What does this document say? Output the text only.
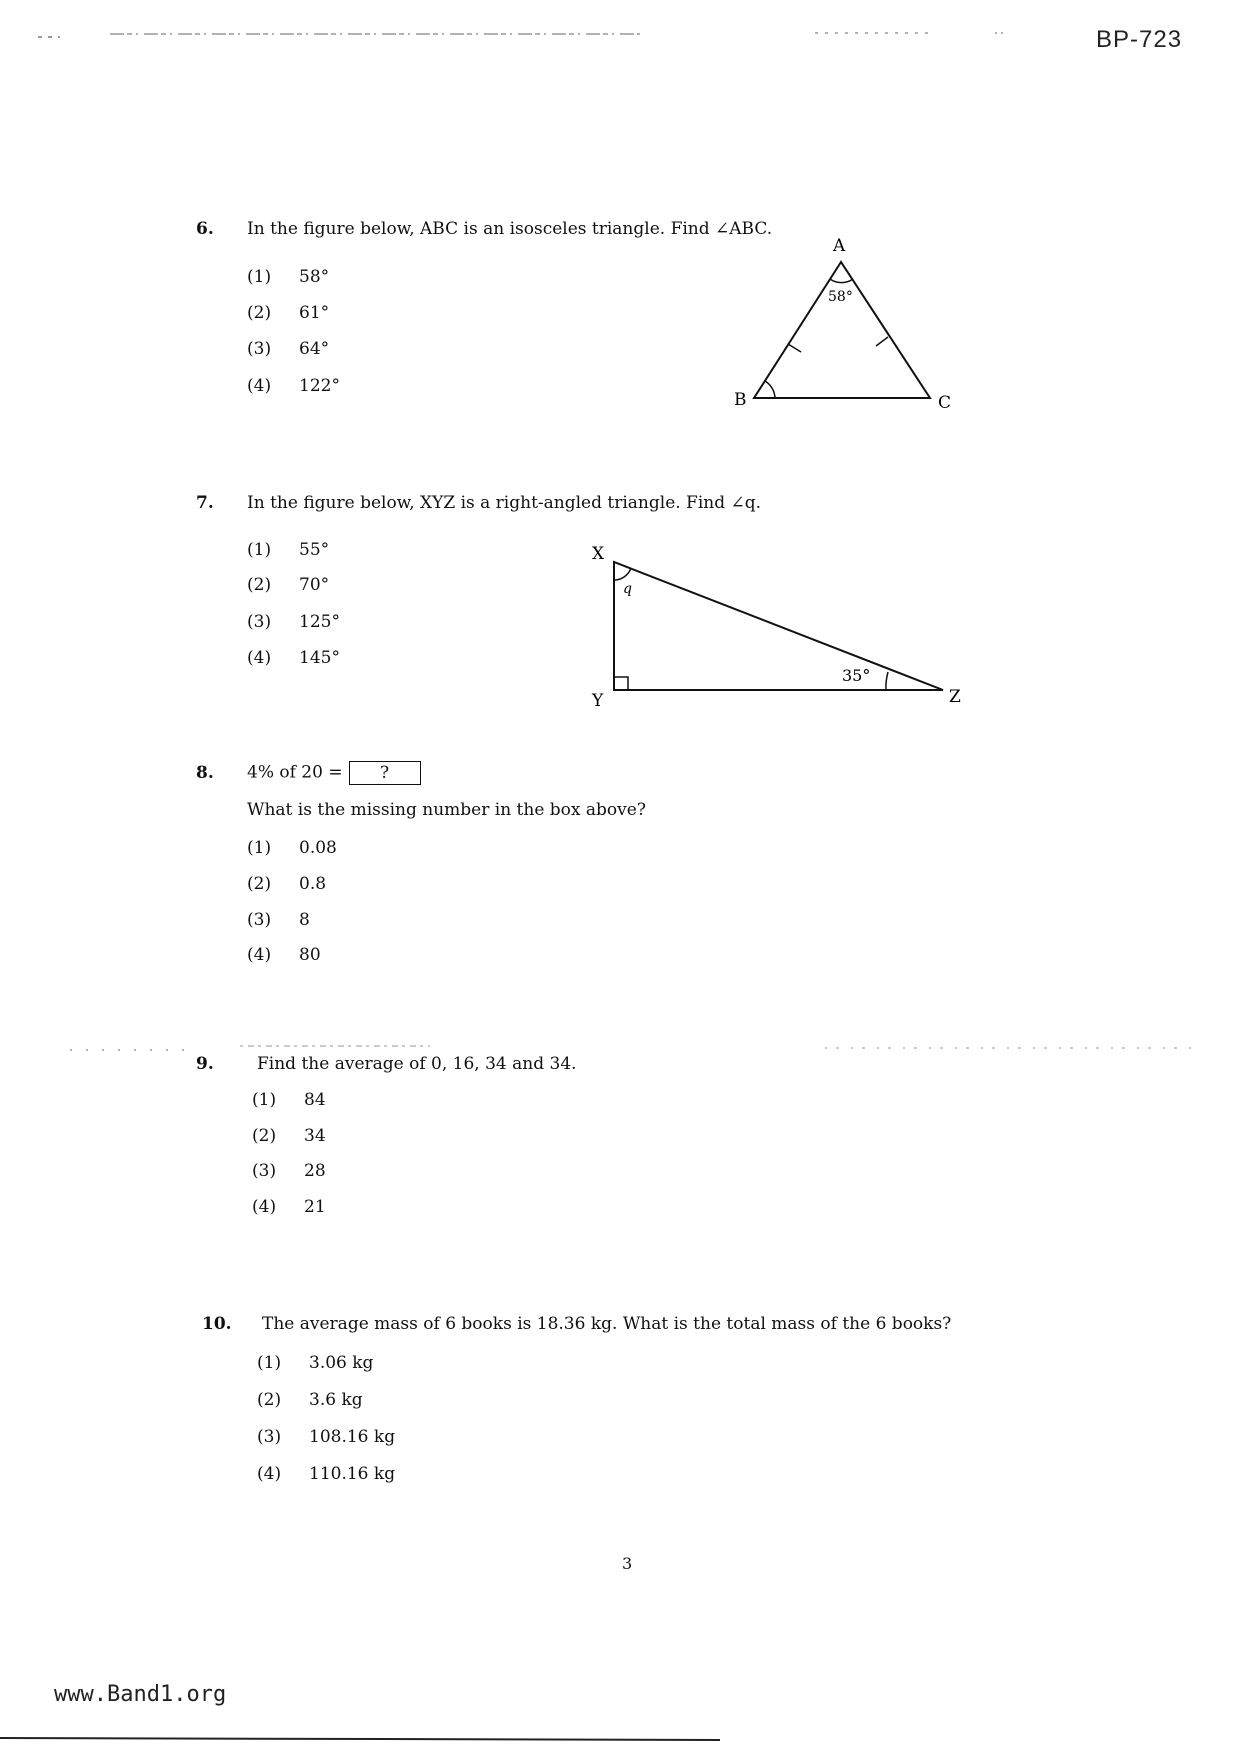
BP-723
6. In the figure below, ABC is an isosceles triangle. Find ∠ABC.
(1) 58°
(2) 61°
(3) 64°
(4) 122°
A
B	C
58°
7. In the figure below, XYZ is a right-angled triangle. Find ∠q.
(1) 55°
(2) 70°
(3) 125°
(4) 145°
X
Y	Z
q
35°
8. 4% of 20 = ?
What is the missing number in the box above?
(1) 0.08
(2) 0.8
(3) 8
(4) 80
9.	Find the average of 0, 16, 34 and 34.
(1) 84
(2) 34
(3) 28
(4) 21
10. The average mass of 6 books is 18.36 kg. What is the total mass of the 6 books?
(1) 3.06 kg
(2) 3.6 kg
(3) 108.16 kg
(4) 110.16 kg
3
www.Band1.org
